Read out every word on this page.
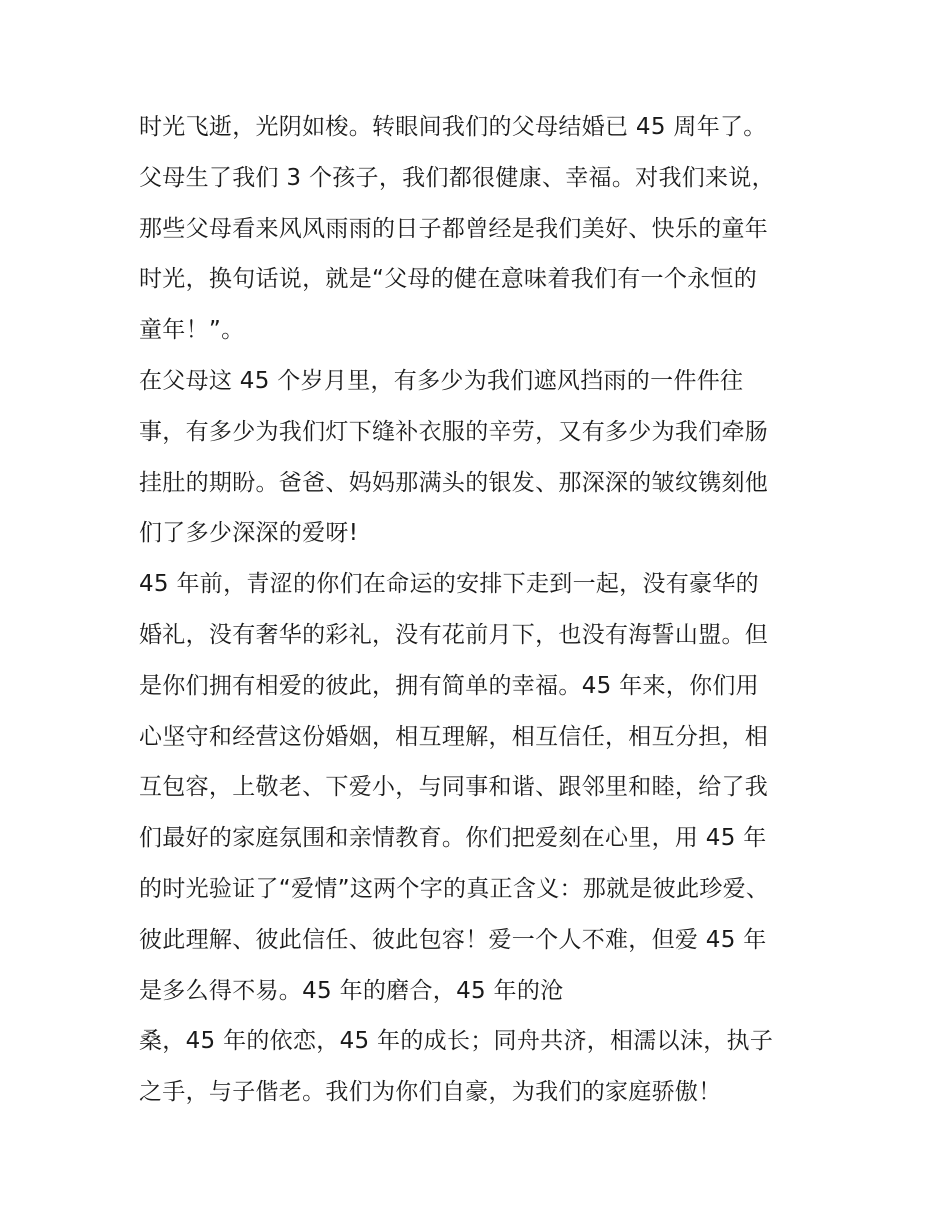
时光飞逝，光阴如梭。转眼间我们的父母结婚已 45 周年了。
父母生了我们 3 个孩子，我们都很健康、幸福。对我们来说，
那些父母看来风风雨雨的日子都曾经是我们美好、快乐的童年
时光，换句话说，就是“父母的健在意味着我们有一个永恒的
童年！”。
在父母这 45 个岁月里，有多少为我们遮风挡雨的一件件往
事，有多少为我们灯下缝补衣服的辛劳，又有多少为我们牵肠
挂肚的期盼。爸爸、妈妈那满头的银发、那深深的皱纹镌刻他
们了多少深深的爱呀!
45 年前，青涩的你们在命运的安排下走到一起，没有豪华的
婚礼，没有奢华的彩礼，没有花前月下，也没有海誓山盟。但
是你们拥有相爱的彼此，拥有简单的幸福。45 年来，你们用
心坚守和经营这份婚姻，相互理解，相互信任，相互分担，相
互包容，上敬老、下爱小，与同事和谐、跟邻里和睦，给了我
们最好的家庭氛围和亲情教育。你们把爱刻在心里，用 45 年
的时光验证了“爱情”这两个字的真正含义：那就是彼此珍爱、
彼此理解、彼此信任、彼此包容！爱一个人不难，但爱 45 年
是多么得不易。45 年的磨合，45 年的沧
桑，45 年的依恋，45 年的成长；同舟共济，相濡以沫，执子
之手，与子偕老。我们为你们自豪，为我们的家庭骄傲！
